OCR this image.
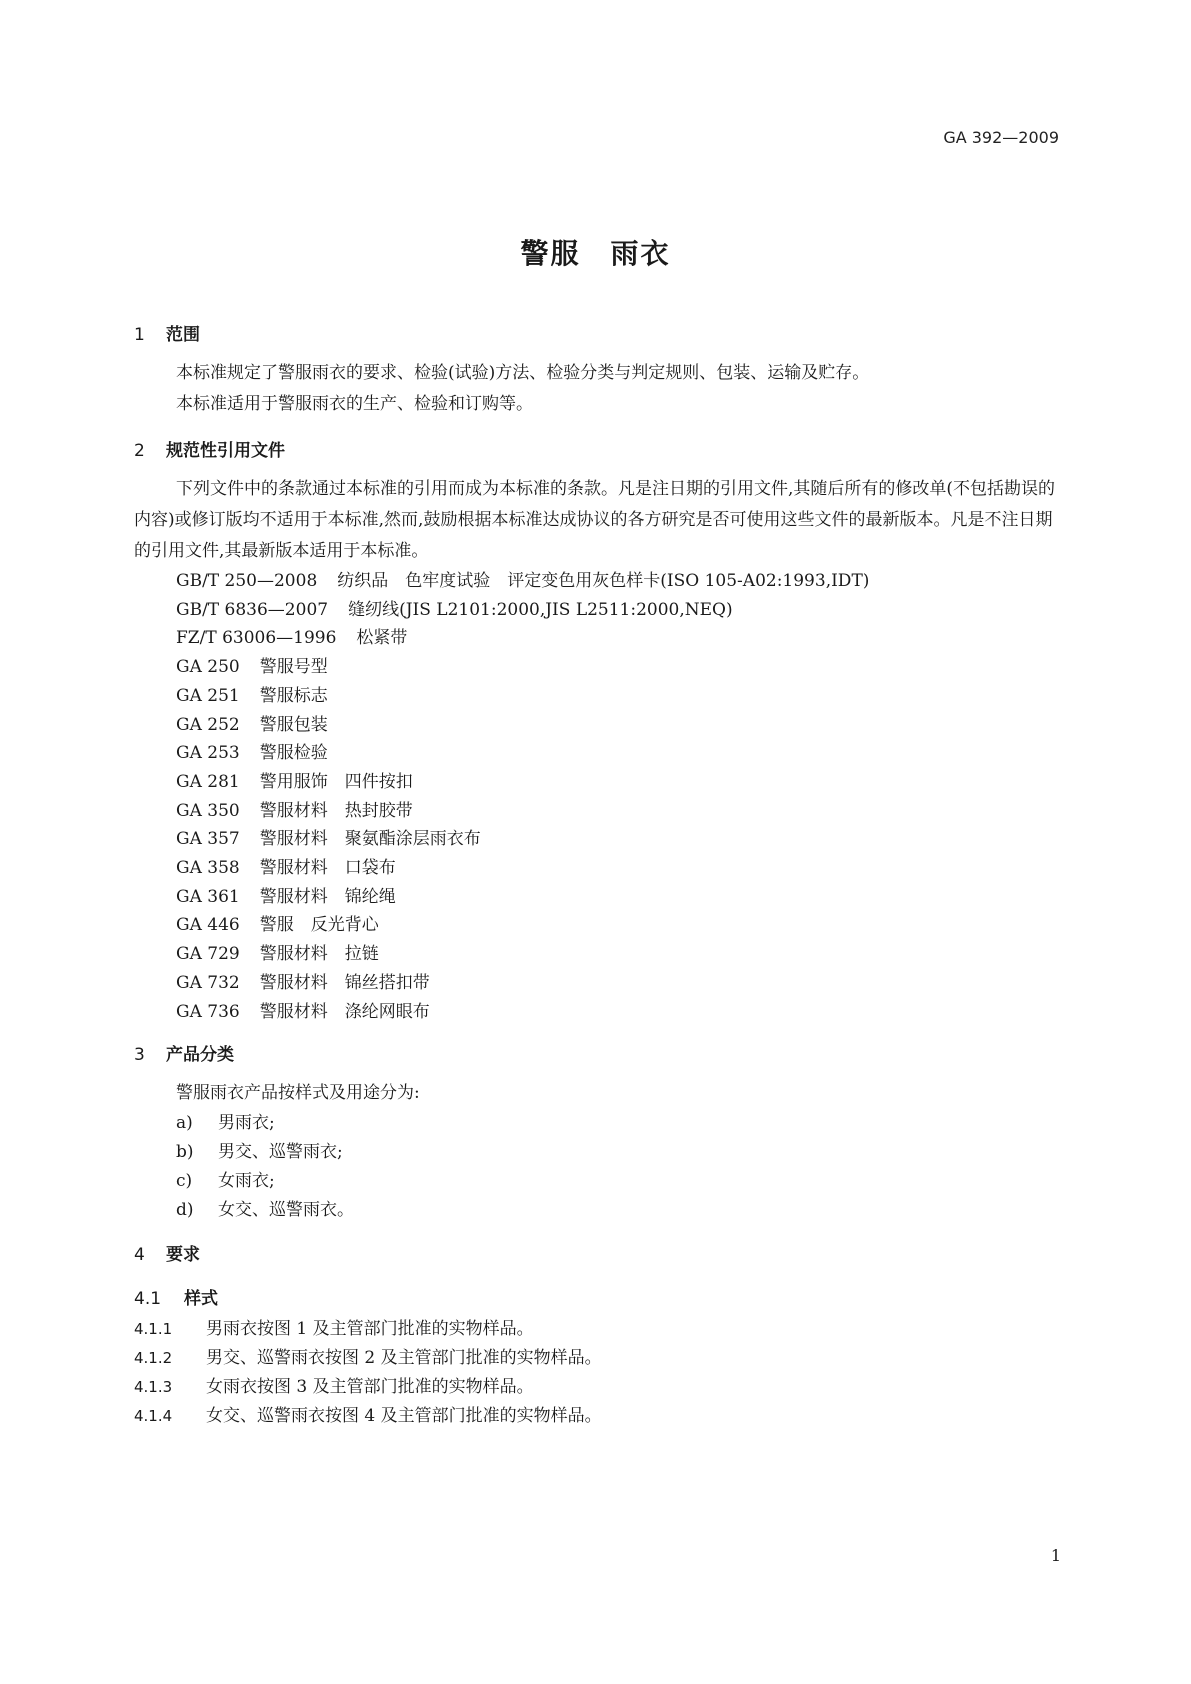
GA 392—2009
警服　雨衣
1 范围
本标准规定了警服雨衣的要求、检验(试验)方法、检验分类与判定规则、包装、运输及贮存。
本标准适用于警服雨衣的生产、检验和订购等。
2 规范性引用文件
下列文件中的条款通过本标准的引用而成为本标准的条款。凡是注日期的引用文件,其随后所有的修改单(不包括勘误的内容)或修订版均不适用于本标准,然而,鼓励根据本标准达成协议的各方研究是否可使用这些文件的最新版本。凡是不注日期的引用文件,其最新版本适用于本标准。
GB/T 250—2008 纺织品　色牢度试验　评定变色用灰色样卡(ISO 105-A02:1993,IDT)
GB/T 6836—2007 缝纫线(JIS L2101:2000,JIS L2511:2000,NEQ)
FZ/T 63006—1996 松紧带
GA 250 警服号型
GA 251 警服标志
GA 252 警服包装
GA 253 警服检验
GA 281 警用服饰　四件按扣
GA 350 警服材料　热封胶带
GA 357 警服材料　聚氨酯涂层雨衣布
GA 358 警服材料　口袋布
GA 361 警服材料　锦纶绳
GA 446 警服　反光背心
GA 729 警服材料　拉链
GA 732 警服材料　锦丝搭扣带
GA 736 警服材料　涤纶网眼布
3 产品分类
警服雨衣产品按样式及用途分为:
a) 男雨衣;
b) 男交、巡警雨衣;
c) 女雨衣;
d) 女交、巡警雨衣。
4 要求
4.1 样式
4.1.1 男雨衣按图 1 及主管部门批准的实物样品。
4.1.2 男交、巡警雨衣按图 2 及主管部门批准的实物样品。
4.1.3 女雨衣按图 3 及主管部门批准的实物样品。
4.1.4 女交、巡警雨衣按图 4 及主管部门批准的实物样品。
1
